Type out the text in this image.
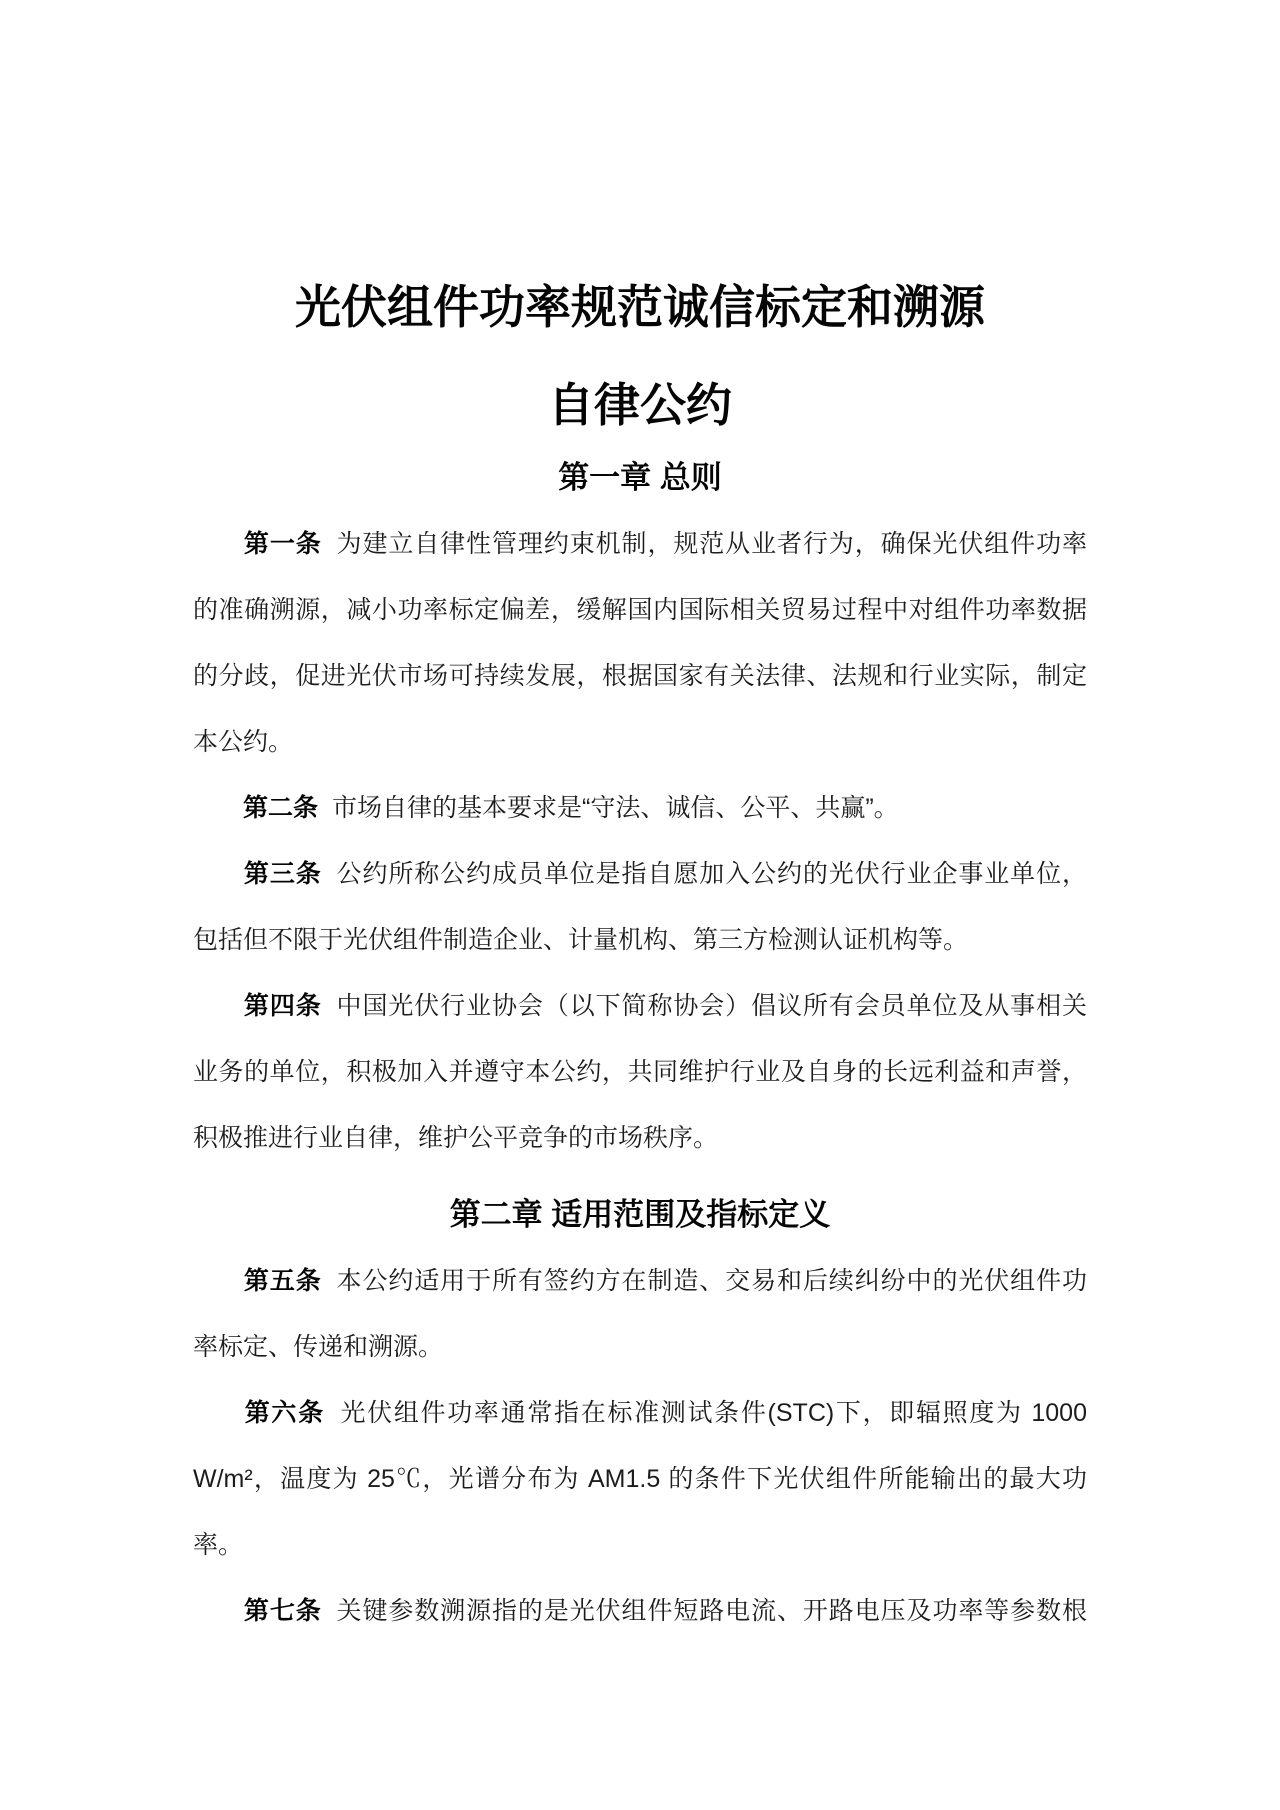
光伏组件功率规范诚信标定和溯源
自律公约
第一章 总则
第一条 为建立自律性管理约束机制，规范从业者行为，确保光伏组件功率
的准确溯源，减小功率标定偏差，缓解国内国际相关贸易过程中对组件功率数据
的分歧，促进光伏市场可持续发展，根据国家有关法律、法规和行业实际，制定
本公约。
第二条 市场自律的基本要求是“守法、诚信、公平、共赢”。
第三条 公约所称公约成员单位是指自愿加入公约的光伏行业企事业单位，
包括但不限于光伏组件制造企业、计量机构、第三方检测认证机构等。
第四条 中国光伏行业协会（以下简称协会）倡议所有会员单位及从事相关
业务的单位，积极加入并遵守本公约，共同维护行业及自身的长远利益和声誉，
积极推进行业自律，维护公平竞争的市场秩序。
第二章 适用范围及指标定义
第五条 本公约适用于所有签约方在制造、交易和后续纠纷中的光伏组件功
率标定、传递和溯源。
第六条 光伏组件功率通常指在标准测试条件(STC)下，即辐照度为 1000
W/m²，温度为 25℃，光谱分布为 AM1.5 的条件下光伏组件所能输出的最大功
率。
第七条 关键参数溯源指的是光伏组件短路电流、开路电压及功率等参数根
